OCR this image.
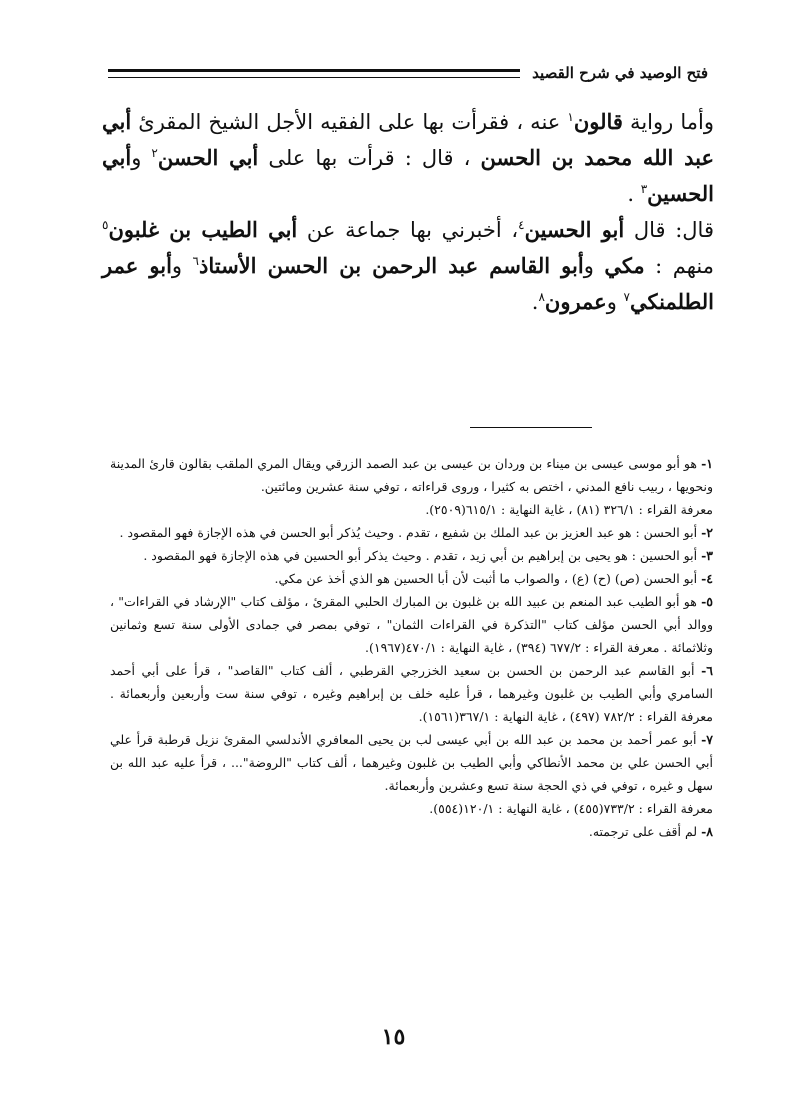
فتح الوصيد في شرح القصيد

وأما رواية قالون$^١$ عنه ، فقرأت بها على الفقيه الأجل الشيخ المقرئ أبي عبد الله محمد بن الحسن ، قال : قرأت بها على أبي الحسن$^٢$ وأبي الحسين$^٣$ .

قال: قال أبو الحسين$^٤$، أخبرني بها جماعة عن أبي الطيب بن غلبون$^٥$ منهم : مكي وأبو القاسم عبد الرحمن بن الحسن الأستاذ$^٦$ وأبو عمر الطلمنكي$^٧$ وعمرون$^٨$.

١- هو أبو موسى عيسى بن ميناء بن وردان بن عيسى بن عبد الصمد الزرقي ويقال المري الملقب بقالون قارئ المدينة ونحويها ، ربيب نافع المدني ، اختص به كثيرا ، وروى قراءاته ، توفي سنة عشرين ومائتين.
معرفة القراء : ٣٢٦/١ (٨١) ، غاية النهاية : ٦١٥/١(٢٥٠٩).

٢- أبو الحسن : هو عبد العزيز بن عبد الملك بن شفيع ، تقدم . وحيث يُذكر أبو الحسن في هذه الإجازة فهو المقصود .

٣- أبو الحسين : هو يحيى بن إبراهيم بن أبي زيد ، تقدم . وحيث يذكر أبو الحسين في هذه الإجازة فهو المقصود .

٤- أبو الحسن (ص) (ح) (ع) ، والصواب ما أثبت لأن أبا الحسين هو الذي أخذ عن مكي.

٥- هو أبو الطيب عبد المنعم بن عبيد الله بن غلبون بن المبارك الحلبي المقرئ ، مؤلف كتاب "الإرشاد في القراءات" ، ووالد أبي الحسن مؤلف كتاب "التذكرة في القراءات الثمان" ، توفي بمصر في جمادى الأولى سنة تسع وثمانين وثلاثمائة . معرفة القراء : ٦٧٧/٢ (٣٩٤) ، غاية النهاية : ٤٧٠/١(١٩٦٧).

٦- أبو القاسم عبد الرحمن بن الحسن بن سعيد الخزرجي القرطبي ، ألف كتاب "القاصد" ، قرأ على أبي أحمد السامري وأبي الطيب بن غلبون وغيرهما ، قرأ عليه خلف بن إبراهيم وغيره ، توفي سنة ست وأربعين وأربعمائة . معرفة القراء : ٧٨٢/٢ (٤٩٧) ، غاية النهاية : ٣٦٧/١(١٥٦١).

٧- أبو عمر أحمد بن محمد بن عبد الله بن أبي عيسى لب بن يحيى المعافري الأندلسي المقرئ نزيل قرطبة قرأ علي أبي الحسن علي بن محمد الأنطاكي وأبي الطيب بن غلبون وغيرهما ، ألف كتاب "الروضة"... ، قرأ عليه عبد الله بن سهل و غيره ، توفي في ذي الحجة سنة تسع وعشرين وأربعمائة.
معرفة القراء : ٧٣٣/٢(٤٥٥) ، غاية النهاية : ١٢٠/١(٥٥٤).

٨- لم أقف على ترجمته.

١٥
